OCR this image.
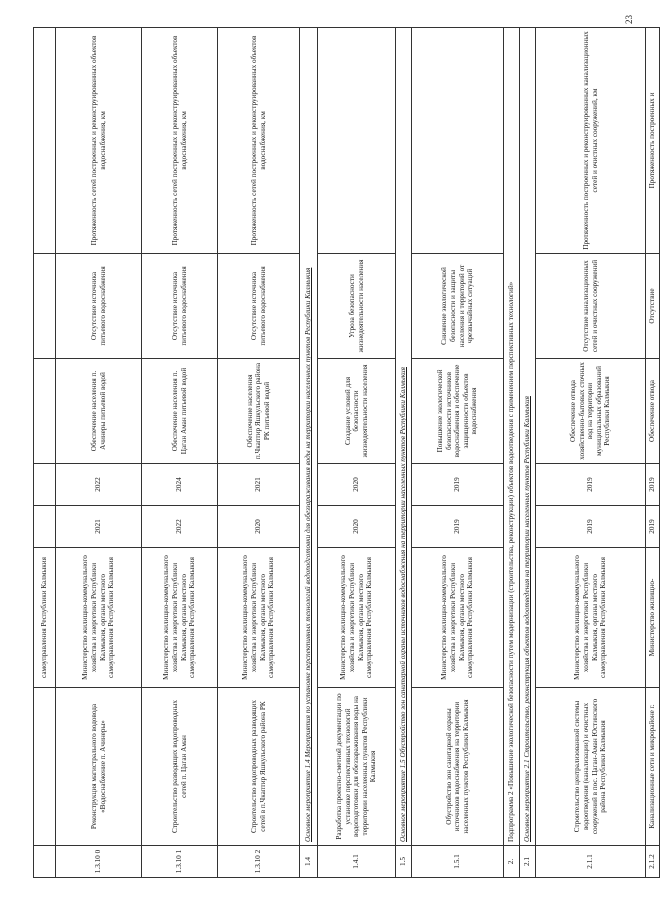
		самоуправления Республики Калмыкия					
1.3.10 0	Реконструкция магистрального водовода «Водоснабжение п. Ачинеры»	Министерство жилищно-коммунального хозяйства и энергетики Республики Калмыкия, органы местного самоуправления Республики Калмыкия	2021	2022	Обеспечение населения п. Ачинеры питьевой водой	Отсутствие источника питьевого водоснабжения	Протяженность сетей построенных и реконструированных объектов водоснабжения, км
1.3.10 1	Строительство разводящих водопроводных сетей п. Цаган Аман	Министерство жилищно-коммунального хозяйства и энергетики Республики Калмыкия, органы местного самоуправления Республики Калмыкия	2022	2024	Обеспечение населения п. Цаган Аман питьевой водой	Отсутствие источника питьевого водоснабжения	Протяженность сетей построенных и реконструированных объектов водоснабжения, км
1.3.10 2	Строительство водопроводных разводящих сетей в п.Чкаптир Яшкульского района РК	Министерство жилищно-коммунального хозяйства и энергетики Республики Калмыкия, органы местного самоуправления Республики Калмыкия	2020	2021	Обеспечение населения п.Чкаптир Яшкульского района РК питьевой водой	Отсутствие источника питьевого водоснабжения	Протяженность сетей построенных и реконструированных объектов водоснабжения, км
1.4	Основное мероприятие 1.4 Мероприятия по установке перспективных технологий водоподготовки для обеззараживания воды на территории населенных пунктов Республики Калмыкия						
1.4.1	Разработка проектно-сметной документации по установке перспективных технологий водоподготовки для обеззараживания воды на территории населенных пунктов Республики Калмыкия	Министерство жилищно-коммунального хозяйства и энергетики Республики Калмыкия, органы местного самоуправления Республики Калмыкия	2020	2020	Создание условий для безопасности жизнедеятельности населения	Угроза безопасности жизнедеятельности населения	
1.5	Основное мероприятие 1.5 Обустройство зон санитарной охраны источников водоснабжения на территории населенных пунктов Республики Калмыкия						
1.5.1	Обустройство зон санитарной охраны источников водоснабжения на территории населенных пунктов Республики Калмыкия	Министерство жилищно-коммунального хозяйства и энергетики Республики Калмыкия, органы местного самоуправления Республики Калмыкия	2019	2019	Повышение экологической безопасности источников водоснабжения и обеспечение защищенности объектов водоснабжения	Снижение экологической безопасности и защиты населения и территорий от чрезвычайных ситуаций	
2.	Подпрограмма 2 «Повышение экологической безопасности путем модернизации (строительства, реконструкции) объектов водоотведения с применением перспективных технологий»						
2.1	Основное мероприятие 2.1 Строительство, реконструкция объектов водоотведения на территории населенных пунктов Республики Калмыкия						
2.1.1	Строительство централизованной системы водоотведения (канализации) и очистных сооружений в пос. Цаган-Аман Юстинского района Республики Калмыкия	Министерство жилищно-коммунального хозяйства и энергетики Республики Калмыкия, органы местного самоуправления Республики Калмыкия	2019	2019	Обеспечение отвода хозяйственно-бытовых сточных вод на территории муниципальных образований Республики Калмыкия	Отсутствие канализационных сетей и очистных сооружений	Протяженность построенных и реконструированных канализационных сетей и очистных сооружений, км
2.1.2	Канализационные сети и микрорайоне г.	Министерство жилищно-	2019	2019	Обеспечение отвода	Отсутствие	Протяженность построенных и
23
